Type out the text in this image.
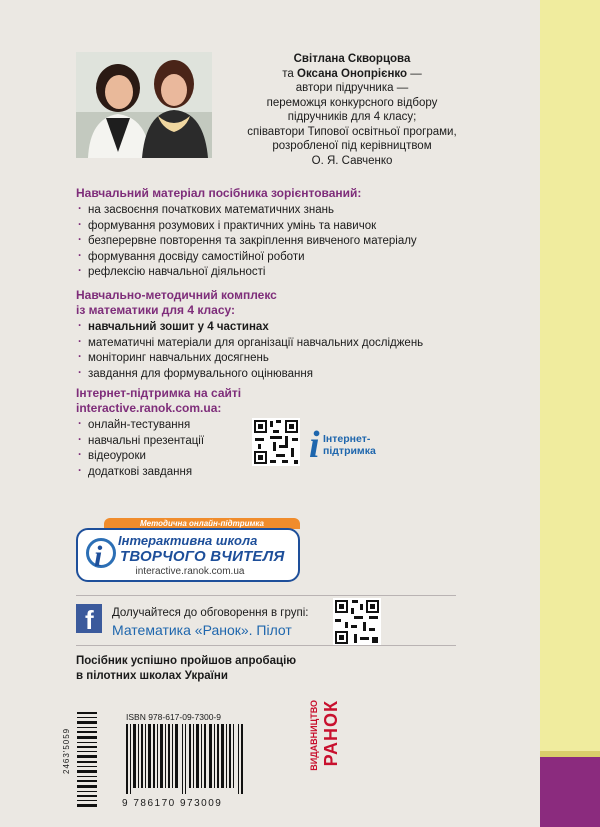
Світлана Скворцова
та Оксана Онопрієнко —
автори підручника —
переможця конкурсного відбору
підручників для 4 класу;
співавтори Типової освітньої програми,
розробленої під керівництвом
О. Я. Савченко
Навчальний матеріал посібника зорієнтований:
· на засвоєння початкових математичних знань
· формування розумових і практичних умінь та навичок
· безперервне повторення та закріплення вивченого матеріалу
· формування досвіду самостійної роботи
· рефлексію навчальної діяльності
Навчально-методичний комплекс
із математики для 4 класу:
· навчальний зошит у 4 частинах
· математичні матеріали для організації навчальних досліджень
· моніторинг навчальних досягнень
· завдання для формувального оцінювання
Інтернет-підтримка на сайті
interactive.ranok.com.ua:
· онлайн-тестування
· навчальні презентації
· відеоуроки
· додаткові завдання
i Інтернет-
підтримка
Методична онлайн-підтримка
i Інтерактивна школа
ТВОРЧОГО ВЧИТЕЛЯ
interactive.ranok.com.ua
f Долучайтеся до обговорення в групі:
Математика «Ранок». Пілот
Посібник успішно пройшов апробацію
в пілотних школах України
2463'5059
ISBN 978-617-09-7300-9
9 786170 973009
ВИДАВНИЦТВО РАНОК
